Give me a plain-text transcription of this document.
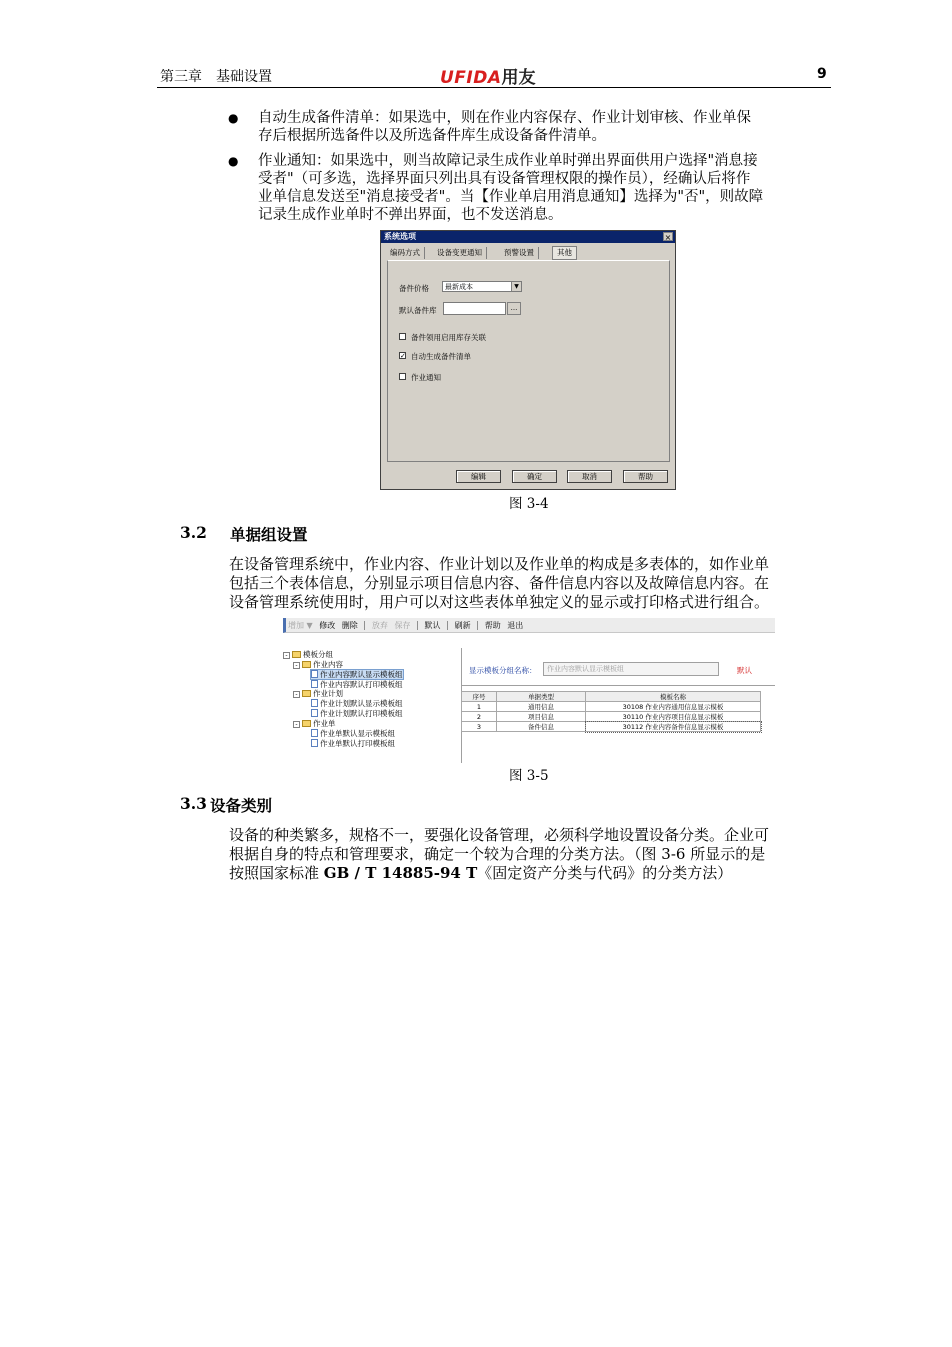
第三章　基础设置	UFIDA用友	9
● 自动生成备件清单：如果选中，则在作业内容保存、作业计划审核、作业单保
存后根据所选备件以及所选备件库生成设备备件清单。
● 作业通知：如果选中，则当故障记录生成作业单时弹出界面供用户选择"消息接
受者"（可多选，选择界面只列出具有设备管理权限的操作员），经确认后将作
业单信息发送至"消息接受者"。当【作业单启用消息通知】选择为"否"，则故障
记录生成作业单时不弹出界面，也不发送消息。
系统选项	×
编码方式	设备变更通知	预警设置	其他
备件价格	最新成本	▼
默认备件库	...
备件领用启用库存关联
✓ 自动生成备件清单
作业通知
编辑	确定	取消	帮助
图 3-4
3.2 单据组设置
在设备管理系统中，作业内容、作业计划以及作业单的构成是多表体的，如作业单
包括三个表体信息，分别显示项目信息内容、备件信息内容以及故障信息内容。在
设备管理系统使用时，用户可以对这些表体单独定义的显示或打印格式进行组合。
增加 ▼ 修改 删除 放弃 保存 默认 刷新 帮助 退出
- 模板分组
- 作业内容
作业内容默认显示模板组
作业内容默认打印模板组
- 作业计划
作业计划默认显示模板组
作业计划默认打印模板组
- 作业单
作业单默认显示模板组
作业单默认打印模板组
显示模板分组名称：	作业内容默认显示模板组	默认
序号	单据类型	模板名称
1	通用信息	30108 作业内容通用信息显示模板
2	项目信息	30110 作业内容项目信息显示模板
3	备件信息	30112 作业内容备件信息显示模板
图 3-5
3.3 设备类别
设备的种类繁多，规格不一，要强化设备管理，必须科学地设置设备分类。企业可
根据自身的特点和管理要求，确定一个较为合理的分类方法。（图 3-6 所显示的是
按照国家标准 GB / T 14885-94 T《固定资产分类与代码》的分类方法）
